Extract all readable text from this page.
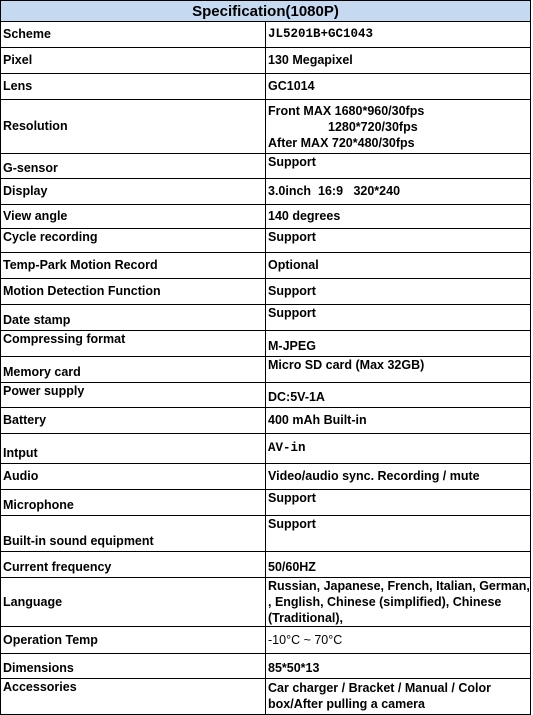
Specification(1080P)	
Scheme	JL5201B+GC1043
Pixel	130 Megapixel
Lens	GC1014
Resolution	Front MAX 1680*960/30fps
1280*720/30fps
After MAX 720*480/30fps

G-sensor	Support
Display	3.0inch  16:9   320*240
View angle	140 degrees
Cycle recording	Support
Temp-Park Motion Record	Optional
Motion Detection Function	Support
Date stamp	Support
Compressing format	M-JPEG
Memory card	Micro SD card (Max 32GB)
Power supply	DC:5V-1A
Battery	400 mAh Built-in
Intput	AV-in
Audio	Video/audio sync. Recording / mute
Microphone	Support
Built-in sound equipment	Support
Current frequency	50/60HZ
Language	Russian, Japanese, French, Italian, German, , English, Chinese (simplified), Chinese (Traditional),
Operation Temp	-10°C ~ 70°C
Dimensions	85*50*13
Accessories	Car charger / Bracket / Manual / Color box/After pulling a camera
